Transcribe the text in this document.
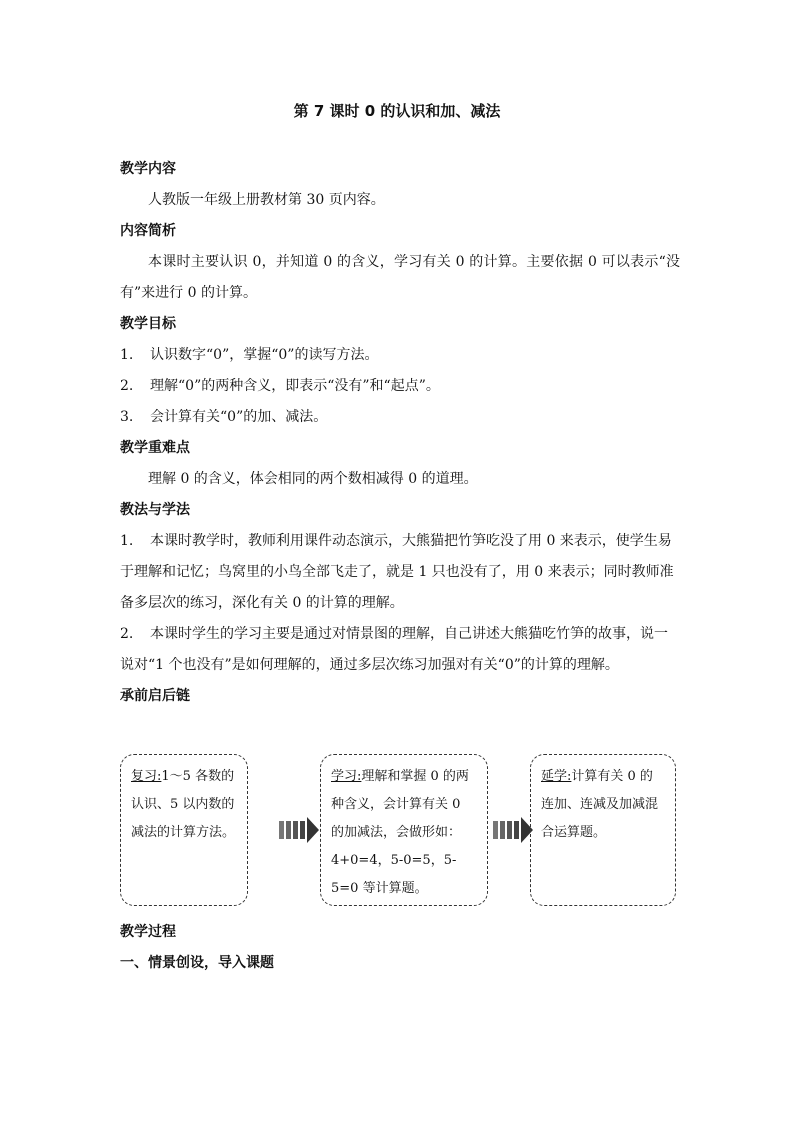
第 7 课时 0 的认识和加、减法
教学内容
人教版一年级上册教材第 30 页内容。
内容简析
本课时主要认识 0，并知道 0 的含义，学习有关 0 的计算。主要依据 0 可以表示“没有”来进行 0 的计算。
教学目标
1.	认识数字“0”，掌握“0”的读写方法。
2.	理解“0”的两种含义，即表示“没有”和“起点”。
3.	会计算有关“0”的加、减法。
教学重难点
理解 0 的含义，体会相同的两个数相减得 0 的道理。
教法与学法
1. 本课时教学时，教师利用课件动态演示，大熊猫把竹笋吃没了用 0 来表示，使学生易于理解和记忆；鸟窝里的小鸟全部飞走了，就是 1 只也没有了，用 0 来表示；同时教师准备多层次的练习，深化有关 0 的计算的理解。
2. 本课时学生的学习主要是通过对情景图的理解，自己讲述大熊猫吃竹笋的故事，说一说对“1 个也没有”是如何理解的，通过多层次练习加强对有关“0”的计算的理解。
承前启后链
复习:1～5 各数的认识、5 以内数的减法的计算方法。
学习:理解和掌握 0 的两种含义，会计算有关 0 的加减法，会做形如：4+0=4，5-0=5，5-5=0 等计算题。
延学:计算有关 0 的连加、连减及加减混合运算题。
教学过程
一、情景创设，导入课题
